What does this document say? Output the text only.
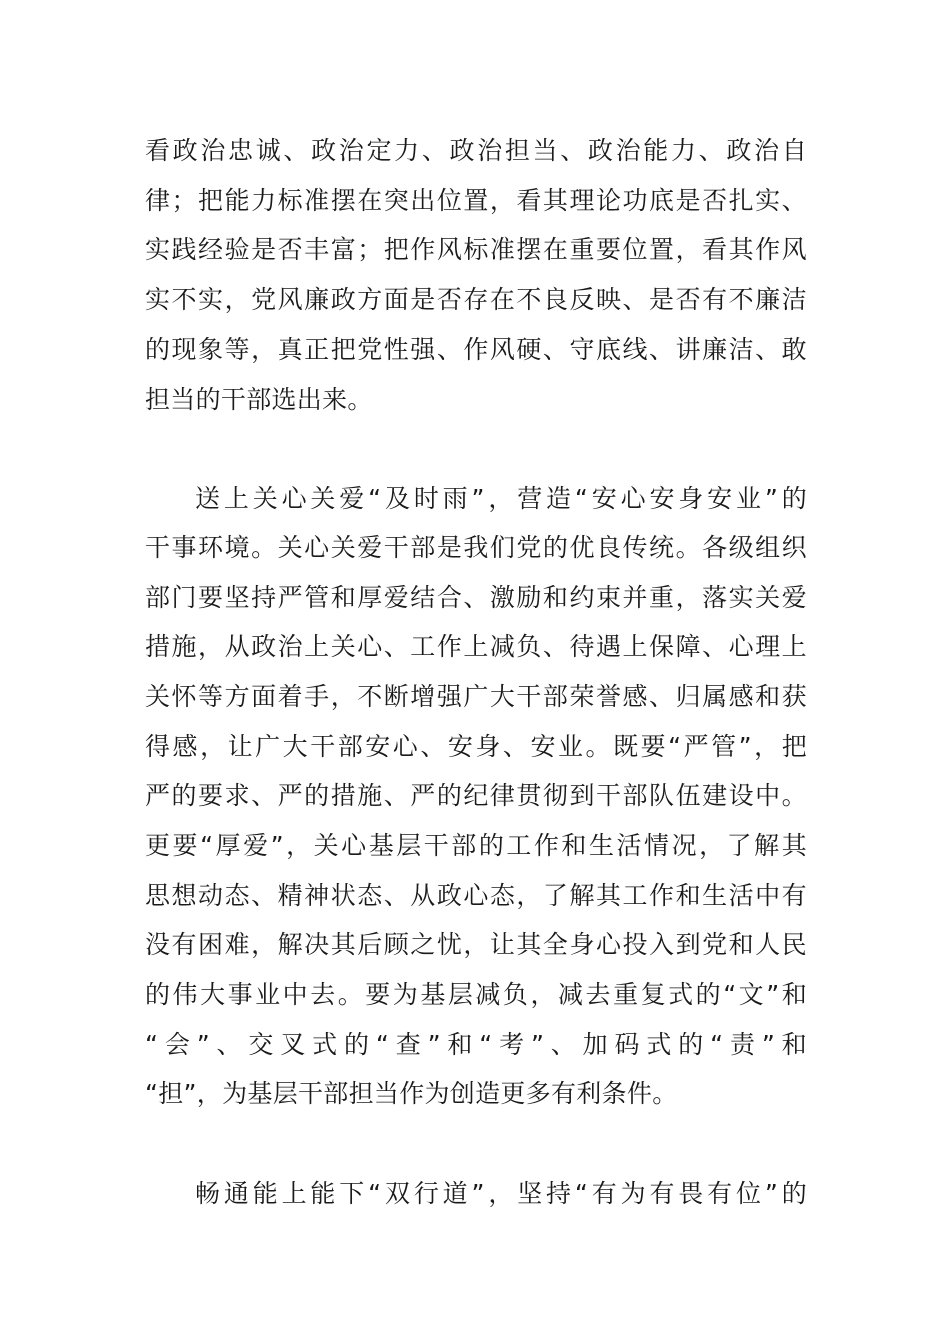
看政治忠诚、政治定力、政治担当、政治能力、政治自
律；把能力标准摆在突出位置，看其理论功底是否扎实、
实践经验是否丰富；把作风标准摆在重要位置，看其作风
实不实，党风廉政方面是否存在不良反映、是否有不廉洁
的现象等，真正把党性强、作风硬、守底线、讲廉洁、敢
担当的干部选出来。
送上关心关爱“及时雨”，营造“安心安身安业”的
干事环境。关心关爱干部是我们党的优良传统。各级组织
部门要坚持严管和厚爱结合、激励和约束并重，落实关爱
措施，从政治上关心、工作上减负、待遇上保障、心理上
关怀等方面着手，不断增强广大干部荣誉感、归属感和获
得感，让广大干部安心、安身、安业。既要“严管”，把
严的要求、严的措施、严的纪律贯彻到干部队伍建设中。
更要“厚爱”，关心基层干部的工作和生活情况，了解其
思想动态、精神状态、从政心态，了解其工作和生活中有
没有困难，解决其后顾之忧，让其全身心投入到党和人民
的伟大事业中去。要为基层减负，减去重复式的“文”和
“会”、交叉式的“查”和“考”、加码式的“责”和
“担”，为基层干部担当作为创造更多有利条件。
畅通能上能下“双行道”，坚持“有为有畏有位”的
